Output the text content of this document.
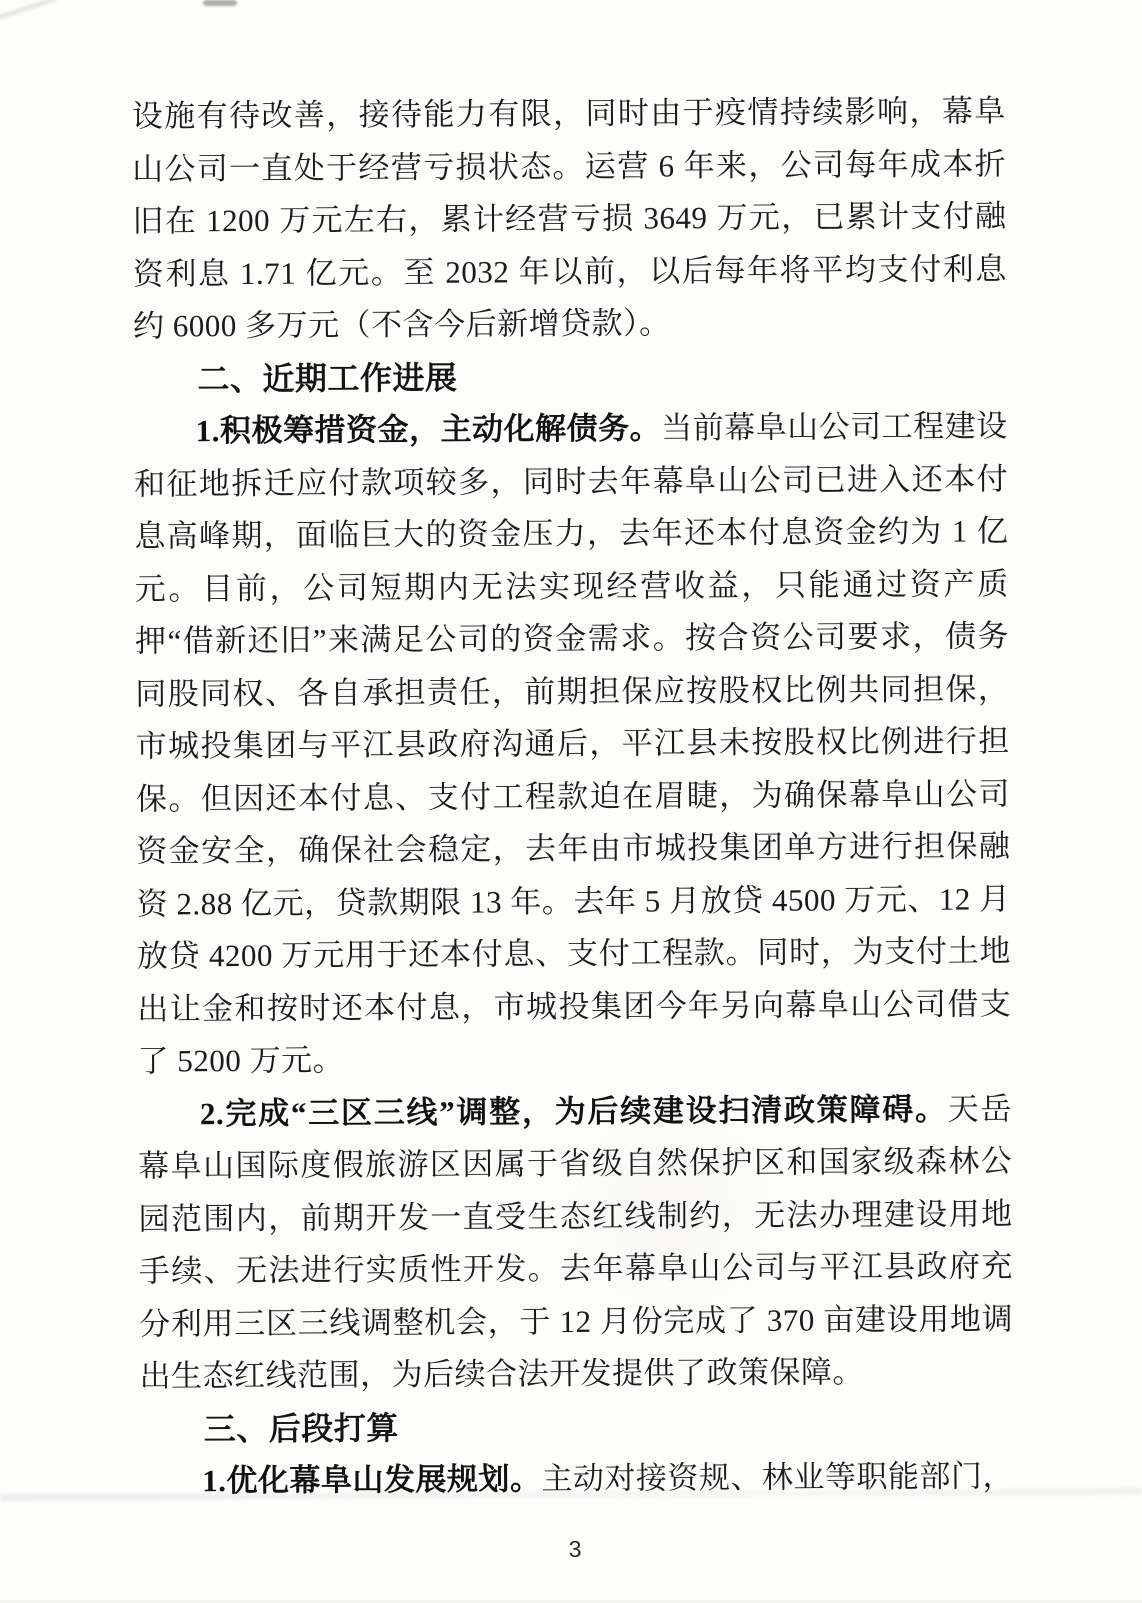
设施有待改善，接待能力有限，同时由于疫情持续影响，幕阜山公司一直处于经营亏损状态。运营 6 年来，公司每年成本折旧在 1200 万元左右，累计经营亏损 3649 万元，已累计支付融资利息 1.71 亿元。至 2032 年以前，以后每年将平均支付利息约 6000 多万元（不含今后新增贷款）。

二、近期工作进展

1.积极筹措资金，主动化解债务。当前幕阜山公司工程建设和征地拆迁应付款项较多，同时去年幕阜山公司已进入还本付息高峰期，面临巨大的资金压力，去年还本付息资金约为 1 亿元。目前，公司短期内无法实现经营收益，只能通过资产质押“借新还旧”来满足公司的资金需求。按合资公司要求，债务同股同权、各自承担责任，前期担保应按股权比例共同担保，市城投集团与平江县政府沟通后，平江县未按股权比例进行担保。但因还本付息、支付工程款迫在眉睫，为确保幕阜山公司资金安全，确保社会稳定，去年由市城投集团单方进行担保融资 2.88 亿元，贷款期限 13 年。去年 5 月放贷 4500 万元、12 月放贷 4200 万元用于还本付息、支付工程款。同时，为支付土地出让金和按时还本付息，市城投集团今年另向幕阜山公司借支了 5200 万元。

2.完成“三区三线”调整，为后续建设扫清政策障碍。天岳幕阜山国际度假旅游区因属于省级自然保护区和国家级森林公园范围内，前期开发一直受生态红线制约，无法办理建设用地手续、无法进行实质性开发。去年幕阜山公司与平江县政府充分利用三区三线调整机会，于 12 月份完成了 370 亩建设用地调出生态红线范围，为后续合法开发提供了政策保障。

三、后段打算

1.优化幕阜山发展规划。主动对接资规、林业等职能部门，

3
